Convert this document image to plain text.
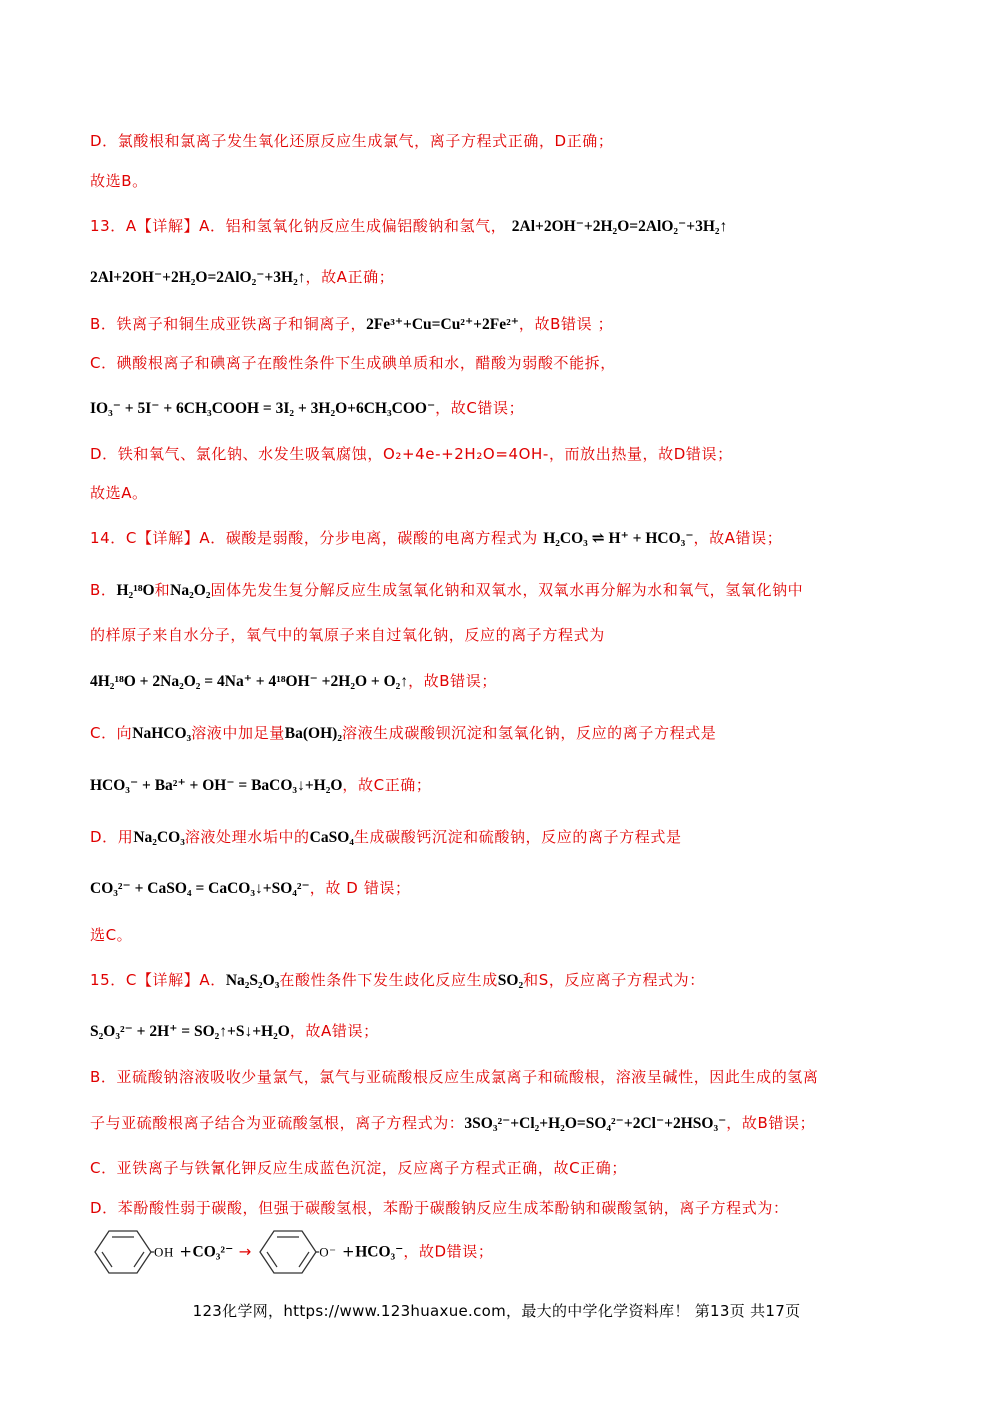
D．氯酸根和氯离子发生氧化还原反应生成氯气，离子方程式正确，D正确；
故选B。
13．A【详解】A．铝和氢氧化钠反应生成偏铝酸钠和氢气， 2Al+2OH⁻+2H₂O=2AlO₂⁻+3H₂↑
2Al+2OH⁻+2H₂O=2AlO₂⁻+3H₂↑，故A正确；
B．铁离子和铜生成亚铁离子和铜离子，2Fe³⁺+Cu=Cu²⁺+2Fe²⁺，故B错误 ；
C．碘酸根离子和碘离子在酸性条件下生成碘单质和水，醋酸为弱酸不能拆，
IO₃⁻ + 5I⁻ + 6CH₃COOH = 3I₂ + 3H₂O+6CH₃COO⁻，故C错误；
D．铁和氧气、氯化钠、水发生吸氧腐蚀，O₂+4e-+2H₂O=4OH-，而放出热量，故D错误；
故选A。
14．C【详解】A．碳酸是弱酸，分步电离，碳酸的电离方程式为 H₂CO₃ ⇌ H⁺ + HCO₃⁻，故A错误；
B．H₂¹⁸O和Na₂O₂固体先发生复分解反应生成氢氧化钠和双氧水，双氧水再分解为水和氧气，氢氧化钠中
的样原子来自水分子，氧气中的氧原子来自过氧化钠，反应的离子方程式为
4H₂¹⁸O + 2Na₂O₂ = 4Na⁺ + 4¹⁸OH⁻ +2H₂O + O₂↑，故B错误；
C．向NaHCO₃溶液中加足量Ba(OH)₂溶液生成碳酸钡沉淀和氢氧化钠，反应的离子方程式是
HCO₃⁻ + Ba²⁺ + OH⁻ = BaCO₃↓+H₂O，故C正确；
D．用Na₂CO₃溶液处理水垢中的CaSO₄生成碳酸钙沉淀和硫酸钠，反应的离子方程式是
CO₃²⁻ + CaSO₄ = CaCO₃↓+SO₄²⁻，故 D 错误；
选C。
15．C【详解】A．Na₂S₂O₃在酸性条件下发生歧化反应生成SO₂和S，反应离子方程式为：
S₂O₃²⁻ + 2H⁺ = SO₂↑+S↓+H₂O，故A错误；
B．亚硫酸钠溶液吸收少量氯气，氯气与亚硫酸根反应生成氯离子和硫酸根，溶液呈碱性，因此生成的氢离
子与亚硫酸根离子结合为亚硫酸氢根，离子方程式为：3SO₃²⁻+Cl₂+H₂O=SO₄²⁻+2Cl⁻+2HSO₃⁻，故B错误；
C．亚铁离子与铁氰化钾反应生成蓝色沉淀，反应离子方程式正确，故C正确；
D．苯酚酸性弱于碳酸，但强于碳酸氢根，苯酚于碳酸钠反应生成苯酚钠和碳酸氢钠，离子方程式为：
OH +CO₃²⁻ →	O⁻ +HCO₃⁻，故D错误；
123化学网，https://www.123huaxue.com，最大的中学化学资料库！ 第13页 共17页
